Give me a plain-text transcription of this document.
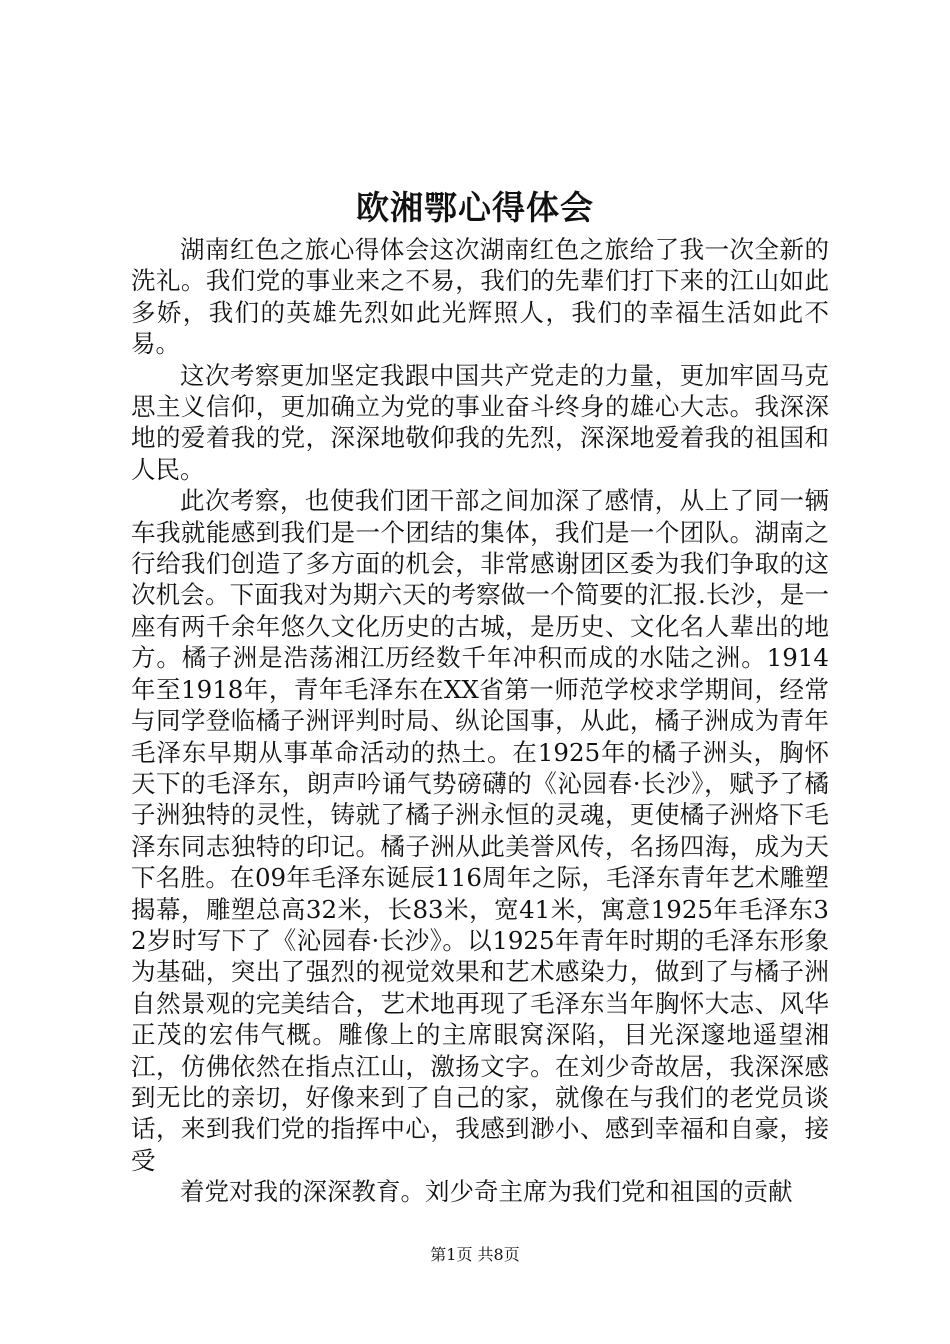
欧湘鄂心得体会

湖南红色之旅心得体会这次湖南红色之旅给了我一次全新的洗礼。我们党的事业来之不易，我们的先辈们打下来的江山如此多娇，我们的英雄先烈如此光辉照人，我们的幸福生活如此不易。

这次考察更加坚定我跟中国共产党走的力量，更加牢固马克思主义信仰，更加确立为党的事业奋斗终身的雄心大志。我深深地的爱着我的党，深深地敬仰我的先烈，深深地爱着我的祖国和人民。

此次考察，也使我们团干部之间加深了感情，从上了同一辆车我就能感到我们是一个团结的集体，我们是一个团队。湖南之行给我们创造了多方面的机会，非常感谢团区委为我们争取的这次机会。下面我对为期六天的考察做一个简要的汇报.长沙，是一座有两千余年悠久文化历史的古城，是历史、文化名人辈出的地方。橘子洲是浩荡湘江历经数千年冲积而成的水陆之洲。1914年至1918年，青年毛泽东在XX省第一师范学校求学期间，经常与同学登临橘子洲评判时局、纵论国事，从此，橘子洲成为青年毛泽东早期从事革命活动的热土。在1925年的橘子洲头，胸怀天下的毛泽东，朗声吟诵气势磅礴的《沁园春·长沙》，赋予了橘子洲独特的灵性，铸就了橘子洲永恒的灵魂，更使橘子洲烙下毛泽东同志独特的印记。橘子洲从此美誉风传，名扬四海，成为天下名胜。在09年毛泽东诞辰116周年之际，毛泽东青年艺术雕塑揭幕，雕塑总高32米，长83米，宽41米，寓意1925年毛泽东32岁时写下了《沁园春·长沙》。以1925年青年时期的毛泽东形象为基础，突出了强烈的视觉效果和艺术感染力，做到了与橘子洲自然景观的完美结合，艺术地再现了毛泽东当年胸怀大志、风华正茂的宏伟气概。雕像上的主席眼窝深陷，目光深邃地遥望湘江，仿佛依然在指点江山，激扬文字。在刘少奇故居，我深深感到无比的亲切，好像来到了自己的家，就像在与我们的老党员谈话，来到我们党的指挥中心，我感到渺小、感到幸福和自豪，接受

着党对我的深深教育。刘少奇主席为我们党和祖国的贡献

第1页 共8页
